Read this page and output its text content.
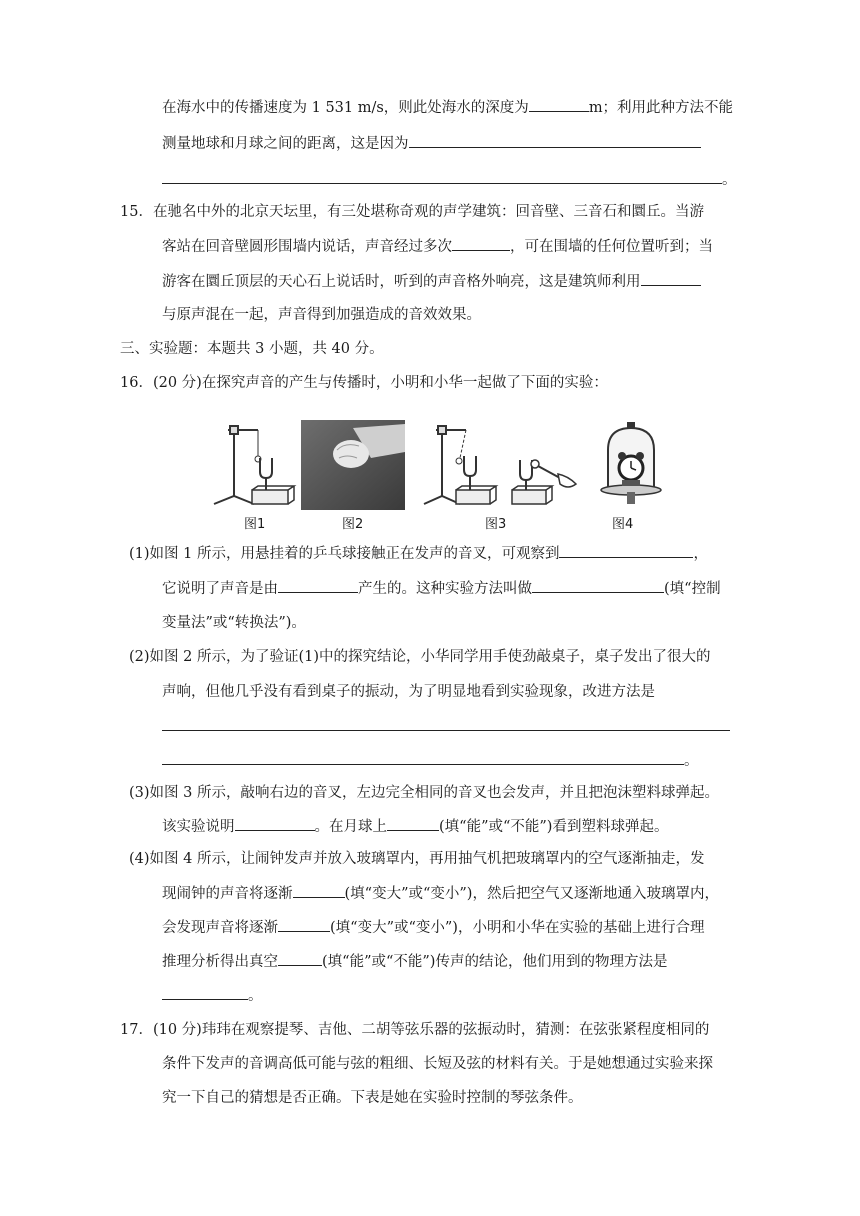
在海水中的传播速度为 1 531 m/s，则此处海水的深度为	m；利用此种方法不能
测量地球和月球之间的距离，这是因为
。
15．在驰名中外的北京天坛里，有三处堪称奇观的声学建筑：回音壁、三音石和圜丘。当游
客站在回音壁圆形围墙内说话，声音经过多次	，可在围墙的任何位置听到；当
游客在圜丘顶层的天心石上说话时，听到的声音格外响亮，这是建筑师利用
与原声混在一起，声音得到加强造成的音效效果。
三、实验题：本题共 3 小题，共 40 分。
16．(20 分)在探究声音的产生与传播时，小明和小华一起做了下面的实验：
(1)如图 1 所示，用悬挂着的乒乓球接触正在发声的音叉，可观察到	，
它说明了声音是由	产生的。这种实验方法叫做	(填“控制
变量法”或“转换法”)。
(2)如图 2 所示，为了验证(1)中的探究结论，小华同学用手使劲敲桌子，桌子发出了很大的
声响，但他几乎没有看到桌子的振动，为了明显地看到实验现象，改进方法是
。
(3)如图 3 所示，敲响右边的音叉，左边完全相同的音叉也会发声，并且把泡沫塑料球弹起。
该实验说明	。在月球上	(填“能”或“不能”)看到塑料球弹起。
(4)如图 4 所示，让闹钟发声并放入玻璃罩内，再用抽气机把玻璃罩内的空气逐渐抽走，发
现闹钟的声音将逐渐	(填“变大”或“变小”)，然后把空气又逐渐地通入玻璃罩内，
会发现声音将逐渐	(填“变大”或“变小”)，小明和小华在实验的基础上进行合理
推理分析得出真空	(填“能”或“不能”)传声的结论，他们用到的物理方法是
。
17．(10 分)玮玮在观察提琴、吉他、二胡等弦乐器的弦振动时，猜测：在弦张紧程度相同的
条件下发声的音调高低可能与弦的粗细、长短及弦的材料有关。于是她想通过实验来探
究一下自己的猜想是否正确。下表是她在实验时控制的琴弦条件。
图1	图2	图3	图4
